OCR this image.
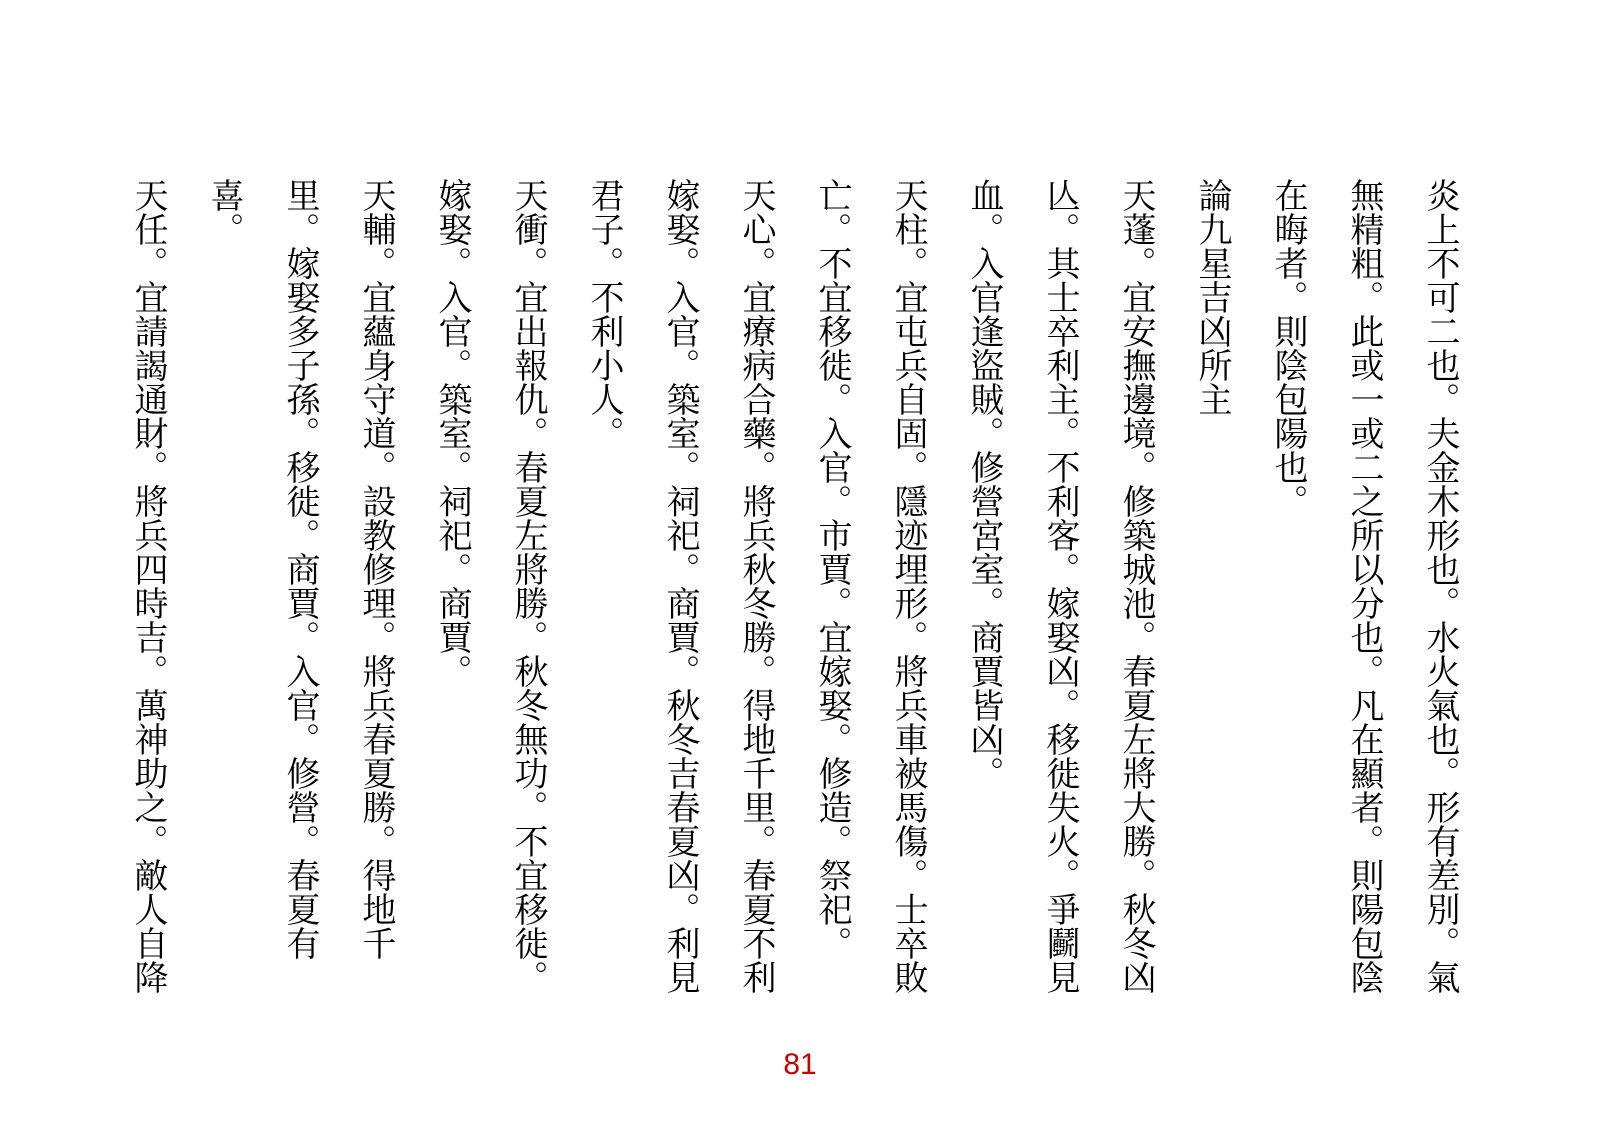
炎上不可二也。夫金木形也。水火氣也。形有差別。氣
無精粗。此或一或二之所以分也。凡在顯者。則陽包陰
在晦者。則陰包陽也。
論九星吉凶所主
天蓬。宜安撫邊境。修築城池。春夏左將大勝。秋冬凶
亾。其士卒利主。不利客。嫁娶凶。移徙失火。爭鬬見
血。入官逢盜賊。修營宮室。商賈皆凶。
天柱。宜屯兵自固。隱迹埋形。將兵車被馬傷。士卒敗
亡。不宜移徙。入官。市賈。宜嫁娶。修造。祭祀。
天心。宜療病合藥。將兵秋冬勝。得地千里。春夏不利
嫁娶。入官。築室。祠祀。商賈。秋冬吉春夏凶。利見
君子。不利小人。
天衝。宜出報仇。春夏左將勝。秋冬無功。不宜移徙。
嫁娶。入官。築室。祠祀。商賈。
天輔。宜蘊身守道。設教修理。將兵春夏勝。得地千
里。嫁娶多子孫。移徙。商賈。入官。修營。春夏有
喜。
天任。宜請謁通財。將兵四時吉。萬神助之。敵人自降
81
